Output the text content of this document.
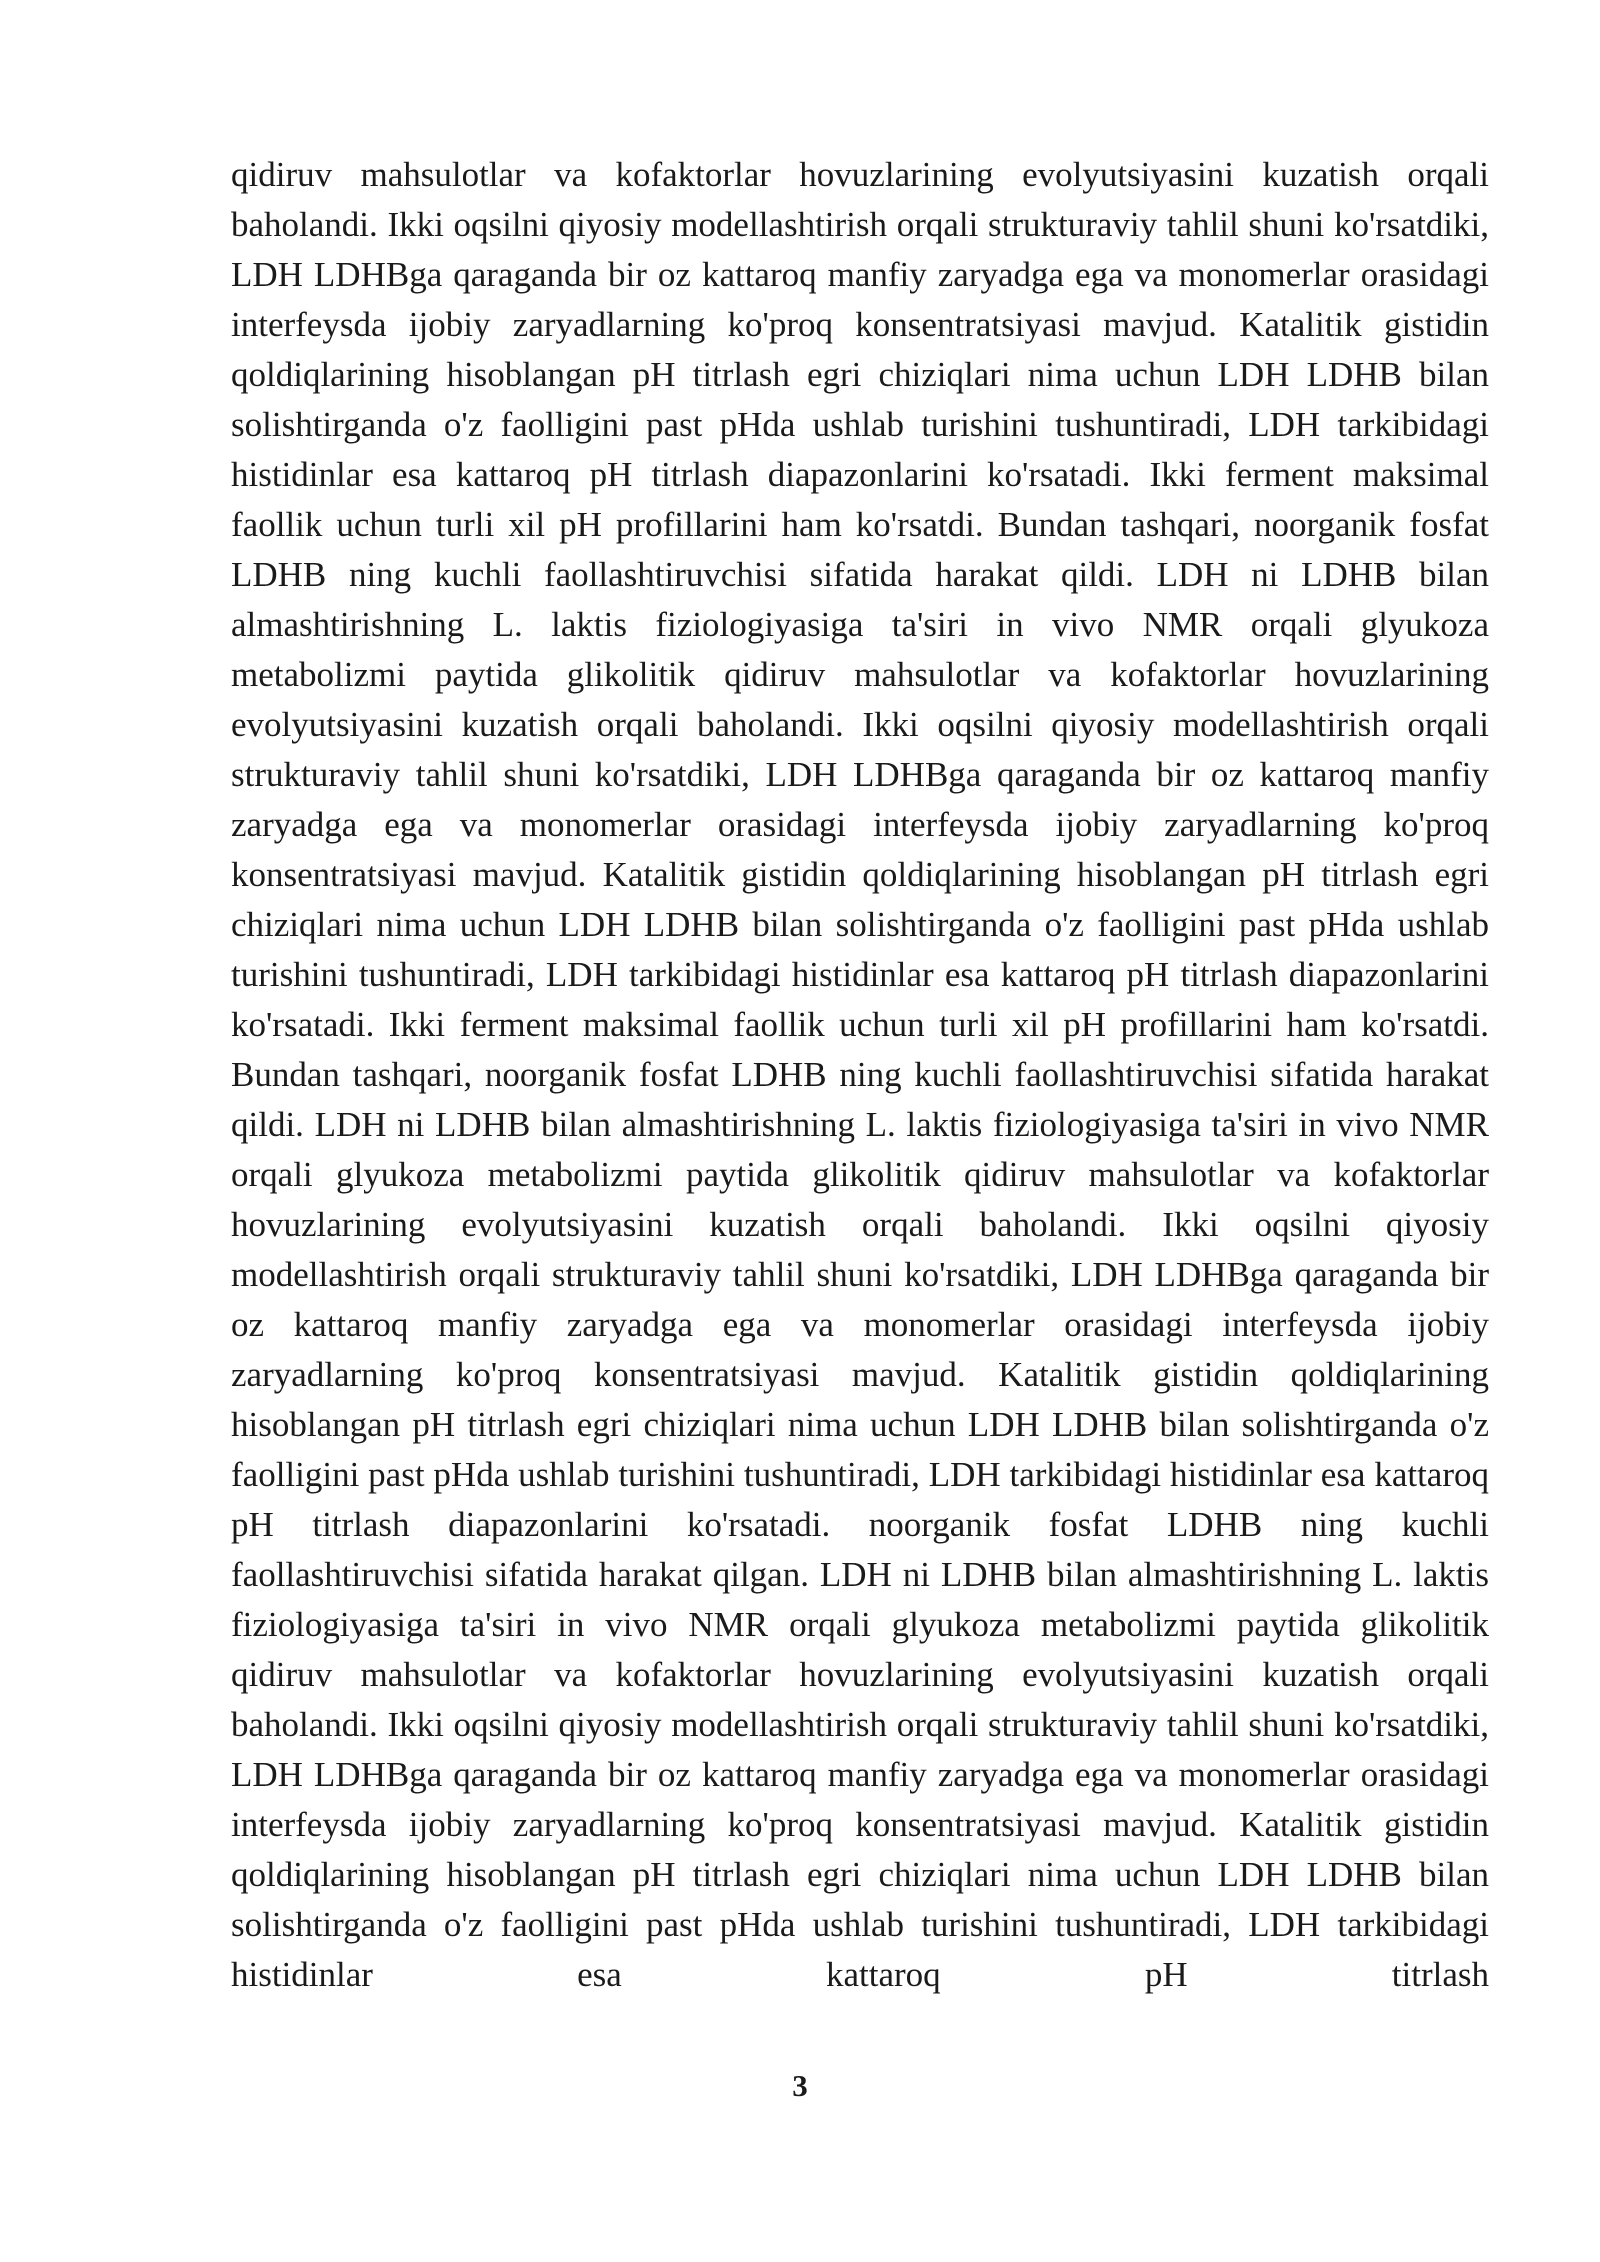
qidiruv mahsulotlar va kofaktorlar hovuzlarining evolyutsiyasini kuzatish orqali baholandi. Ikki oqsilni qiyosiy modellashtirish orqali strukturaviy tahlil shuni ko'rsatdiki, LDH LDHBga qaraganda bir oz kattaroq manfiy zaryadga ega va monomerlar orasidagi interfeysda ijobiy zaryadlarning ko'proq konsentratsiyasi mavjud. Katalitik gistidin qoldiqlarining hisoblangan pH titrlash egri chiziqlari nima uchun LDH LDHB bilan solishtirganda o'z faolligini past pHda ushlab turishini tushuntiradi, LDH tarkibidagi histidinlar esa kattaroq pH titrlash diapazonlarini ko'rsatadi. Ikki ferment maksimal faollik uchun turli xil pH profillarini ham ko'rsatdi. Bundan tashqari, noorganik fosfat LDHB ning kuchli faollashtiruvchisi sifatida harakat qildi. LDH ni LDHB bilan almashtirishning L. laktis fiziologiyasiga ta'siri in vivo NMR orqali glyukoza metabolizmi paytida glikolitik qidiruv mahsulotlar va kofaktorlar hovuzlarining evolyutsiyasini kuzatish orqali baholandi. Ikki oqsilni qiyosiy modellashtirish orqali strukturaviy tahlil shuni ko'rsatdiki, LDH LDHBga qaraganda bir oz kattaroq manfiy zaryadga ega va monomerlar orasidagi interfeysda ijobiy zaryadlarning ko'proq konsentratsiyasi mavjud. Katalitik gistidin qoldiqlarining hisoblangan pH titrlash egri chiziqlari nima uchun LDH LDHB bilan solishtirganda o'z faolligini past pHda ushlab turishini tushuntiradi, LDH tarkibidagi histidinlar esa kattaroq pH titrlash diapazonlarini ko'rsatadi. Ikki ferment maksimal faollik uchun turli xil pH profillarini ham ko'rsatdi. Bundan tashqari, noorganik fosfat LDHB ning kuchli faollashtiruvchisi sifatida harakat qildi. LDH ni LDHB bilan almashtirishning L. laktis fiziologiyasiga ta'siri in vivo NMR orqali glyukoza metabolizmi paytida glikolitik qidiruv mahsulotlar va kofaktorlar hovuzlarining evolyutsiyasini kuzatish orqali baholandi. Ikki oqsilni qiyosiy modellashtirish orqali strukturaviy tahlil shuni ko'rsatdiki, LDH LDHBga qaraganda bir oz kattaroq manfiy zaryadga ega va monomerlar orasidagi interfeysda ijobiy zaryadlarning ko'proq konsentratsiyasi mavjud. Katalitik gistidin qoldiqlarining hisoblangan pH titrlash egri chiziqlari nima uchun LDH LDHB bilan solishtirganda o'z faolligini past pHda ushlab turishini tushuntiradi, LDH tarkibidagi histidinlar esa kattaroq pH titrlash diapazonlarini ko'rsatadi. noorganik fosfat LDHB ning kuchli faollashtiruvchisi sifatida harakat qilgan. LDH ni LDHB bilan almashtirishning L. laktis fiziologiyasiga ta'siri in vivo NMR orqali glyukoza metabolizmi paytida glikolitik qidiruv mahsulotlar va kofaktorlar hovuzlarining evolyutsiyasini kuzatish orqali baholandi. Ikki oqsilni qiyosiy modellashtirish orqali strukturaviy tahlil shuni ko'rsatdiki, LDH LDHBga qaraganda bir oz kattaroq manfiy zaryadga ega va monomerlar orasidagi interfeysda ijobiy zaryadlarning ko'proq konsentratsiyasi mavjud. Katalitik gistidin qoldiqlarining hisoblangan pH titrlash egri chiziqlari nima uchun LDH LDHB bilan solishtirganda o'z faolligini past pHda ushlab turishini tushuntiradi, LDH tarkibidagi histidinlar esa kattaroq pH titrlash

3
